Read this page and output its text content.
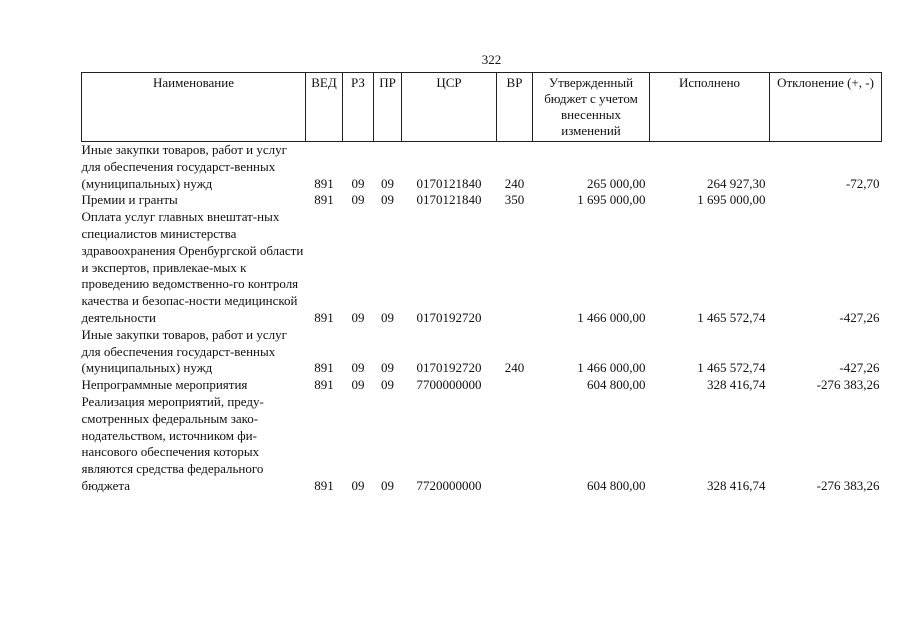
322
Наименование	ВЕД	РЗ	ПР	ЦСР	ВР	Утвержденный бюджет с учетом внесенных изменений	Исполнено	Отклонение (+, -)
Иные закупки товаров, работ и услуг для обеспечения государст-венных (муниципальных) нужд	891	09	09	0170121840	240	265 000,00	264 927,30	-72,70
Премии и гранты	891	09	09	0170121840	350	1 695 000,00	1 695 000,00	
Оплата услуг главных внештат-ных специалистов министерства здравоохранения Оренбургской области и экспертов, привлекае-мых к проведению ведомственно-го контроля качества и безопас-ности медицинской деятельности	891	09	09	0170192720		1 466 000,00	1 465 572,74	-427,26
Иные закупки товаров, работ и услуг для обеспечения государст-венных (муниципальных) нужд	891	09	09	0170192720	240	1 466 000,00	1 465 572,74	-427,26
Непрограммные мероприятия	891	09	09	7700000000		604 800,00	328 416,74	-276 383,26
Реализация мероприятий, преду-смотренных федеральным зако-нодательством, источником фи-нансового обеспечения которых являются средства федерального бюджета	891	09	09	7720000000		604 800,00	328 416,74	-276 383,26
